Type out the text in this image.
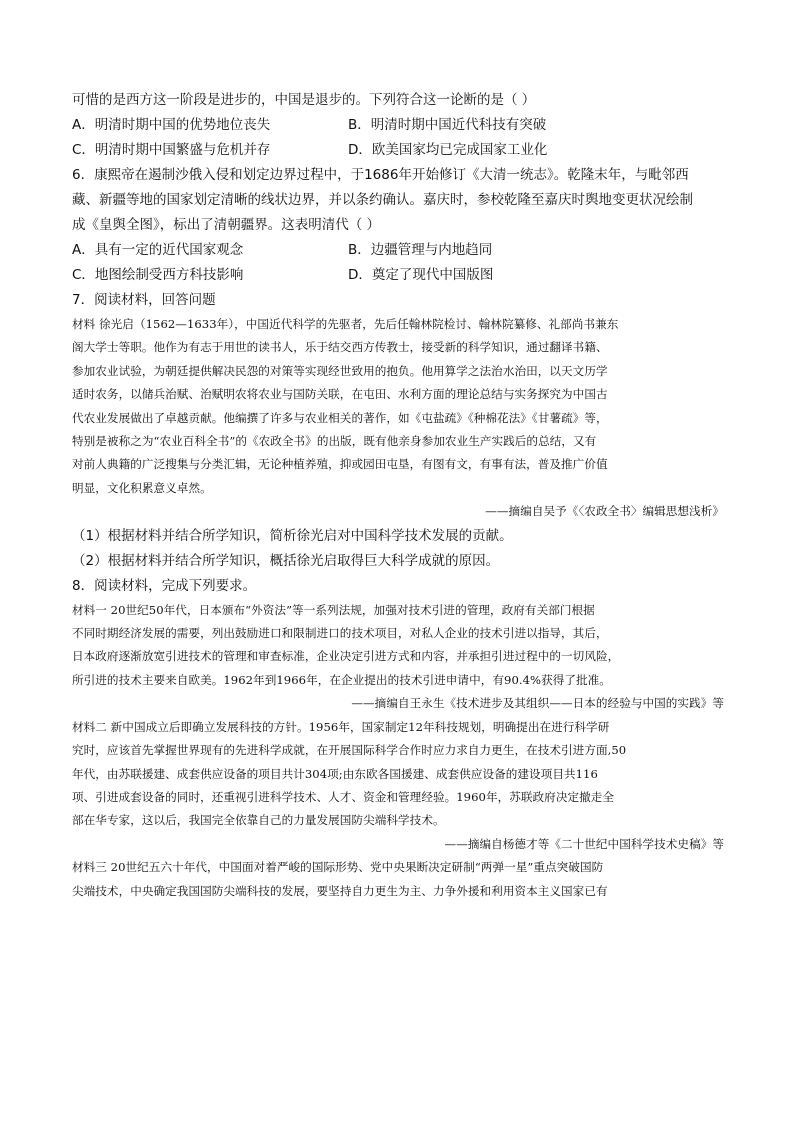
可惜的是西方这一阶段是进步的，中国是退步的。下列符合这一论断的是（ ）
A．明清时期中国的优势地位丧失	B．明清时期中国近代科技有突破
C．明清时期中国繁盛与危机并存	D．欧美国家均已完成国家工业化
6．康熙帝在遏制沙俄入侵和划定边界过程中，于1686年开始修订《大清一统志》。乾隆末年，与毗邻西
藏、新疆等地的国家划定清晰的线状边界，并以条约确认。嘉庆时，参校乾隆至嘉庆时舆地变更状况绘制
成《皇舆全图》，标出了清朝疆界。这表明清代（ ）
A．具有一定的近代国家观念	B．边疆管理与内地趋同
C．地图绘制受西方科技影响	D．奠定了现代中国版图
7．阅读材料，回答问题
材料 徐光启（1562—1633年），中国近代科学的先驱者，先后任翰林院检讨、翰林院纂修、礼部尚书兼东
阁大学士等职。他作为有志于用世的读书人，乐于结交西方传教士，接受新的科学知识，通过翻译书籍、
参加农业试验，为朝廷提供解决民怨的对策等实现经世致用的抱负。他用算学之法治水治田，以天文历学
适时农务，以储兵治赋、治赋明农将农业与国防关联，在屯田、水利方面的理论总结与实务探究为中国古
代农业发展做出了卓越贡献。他编撰了许多与农业相关的著作，如《屯盐疏》《种棉花法》《甘薯疏》等，
特别是被称之为“农业百科全书”的《农政全书》的出版，既有他亲身参加农业生产实践后的总结，又有
对前人典籍的广泛搜集与分类汇辑，无论种植养殖，抑或园田屯垦，有图有文，有事有法，普及推广价值
明显，文化积累意义卓然。
——摘编自吴予《〈农政全书〉编辑思想浅析》
（1）根据材料并结合所学知识，简析徐光启对中国科学技术发展的贡献。
（2）根据材料并结合所学知识，概括徐光启取得巨大科学成就的原因。
8．阅读材料，完成下列要求。
材料一 20世纪50年代，日本颁布“外资法”等一系列法规，加强对技术引进的管理，政府有关部门根据
不同时期经济发展的需要，列出鼓励进口和限制进口的技术项目，对私人企业的技术引进以指导，其后，
日本政府逐渐放宽引进技术的管理和审查标准，企业决定引进方式和内容，并承担引进过程中的一切风险，
所引进的技术主要来自欧美。1962年到1966年，在企业提出的技术引进申请中，有90.4%获得了批准。
——摘编自王永生《技术进步及其组织——日本的经验与中国的实践》等
材料二 新中国成立后即确立发展科技的方针。1956年，国家制定12年科技规划，明确提出在进行科学研
究时，应该首先掌握世界现有的先进科学成就，在开展国际科学合作时应力求自力更生，在技术引进方面,50
年代，由苏联援建、成套供应设备的项目共计304项;由东欧各国援建、成套供应设备的建设项目共116
项、引进成套设备的同时，还重视引进科学技术、人才、资金和管理经验。1960年，苏联政府决定撤走全
部在华专家，这以后，我国完全依靠自己的力量发展国防尖端科学技术。
——摘编自杨德才等《二十世纪中国科学技术史稿》等
材料三 20世纪五六十年代，中国面对着严峻的国际形势、党中央果断决定研制“两弹一星”重点突破国防
尖端技术，中央确定我国国防尖端科技的发展，要坚持自力更生为主、力争外援和利用资本主义国家已有
